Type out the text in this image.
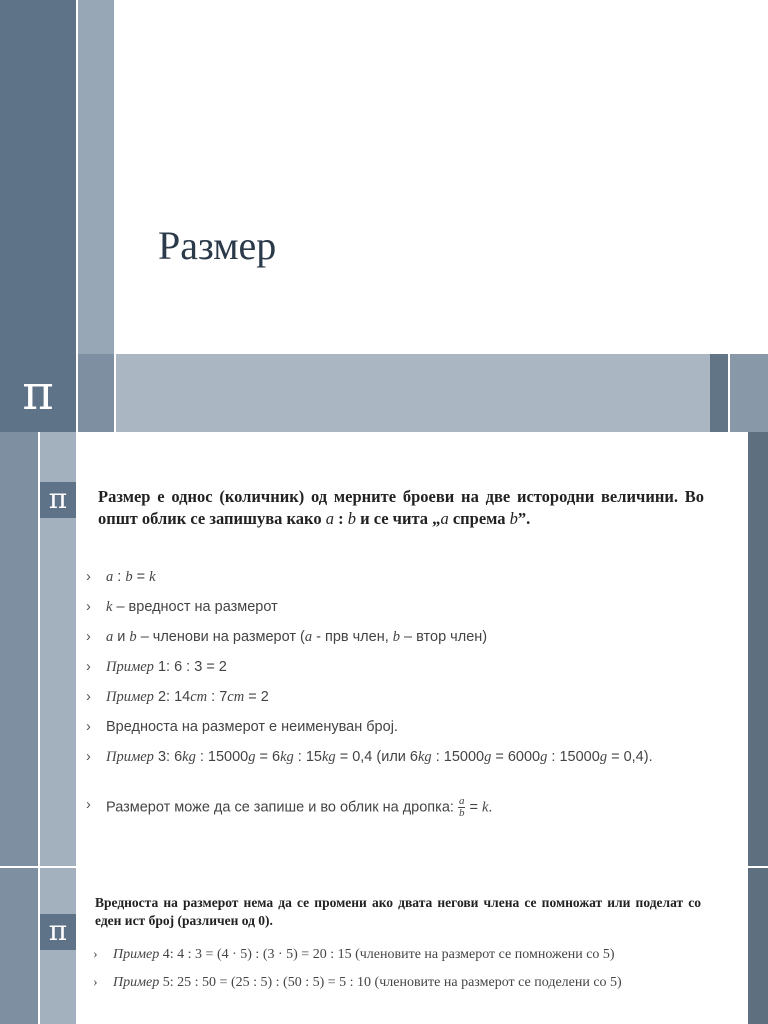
Размер
π
π	Размер е однос (количник) од мерните броеви на две истородни величини. Во општ облик се запишува како a : b и се чита „a спрема b”.
› a : b = k
› k – вредност на размерот
› a и b – членови на размерот (a - прв член, b – втор член)
› Пример 1: 6 : 3 = 2
› Пример 2: 14cm : 7cm = 2
› Вредноста на размерот е неименуван број.
› Пример 3: 6kg : 15000g = 6kg : 15kg = 0,4 (или 6kg : 15000g = 6000g : 15000g = 0,4).
› Размерот може да се запише и во облик на дропка: $\frac{a}{b} = k$.
π
Вредноста на размерот нема да се промени ако двата негови члена се помножат или поделат со еден ист број (различен од 0).
› Пример 4: 4 : 3 = (4 · 5) : (3 · 5) = 20 : 15 (членовите на размерот се помножени со 5)
› Пример 5: 25 : 50 = (25 : 5) : (50 : 5) = 5 : 10 (членовите на размерот се поделени со 5)
